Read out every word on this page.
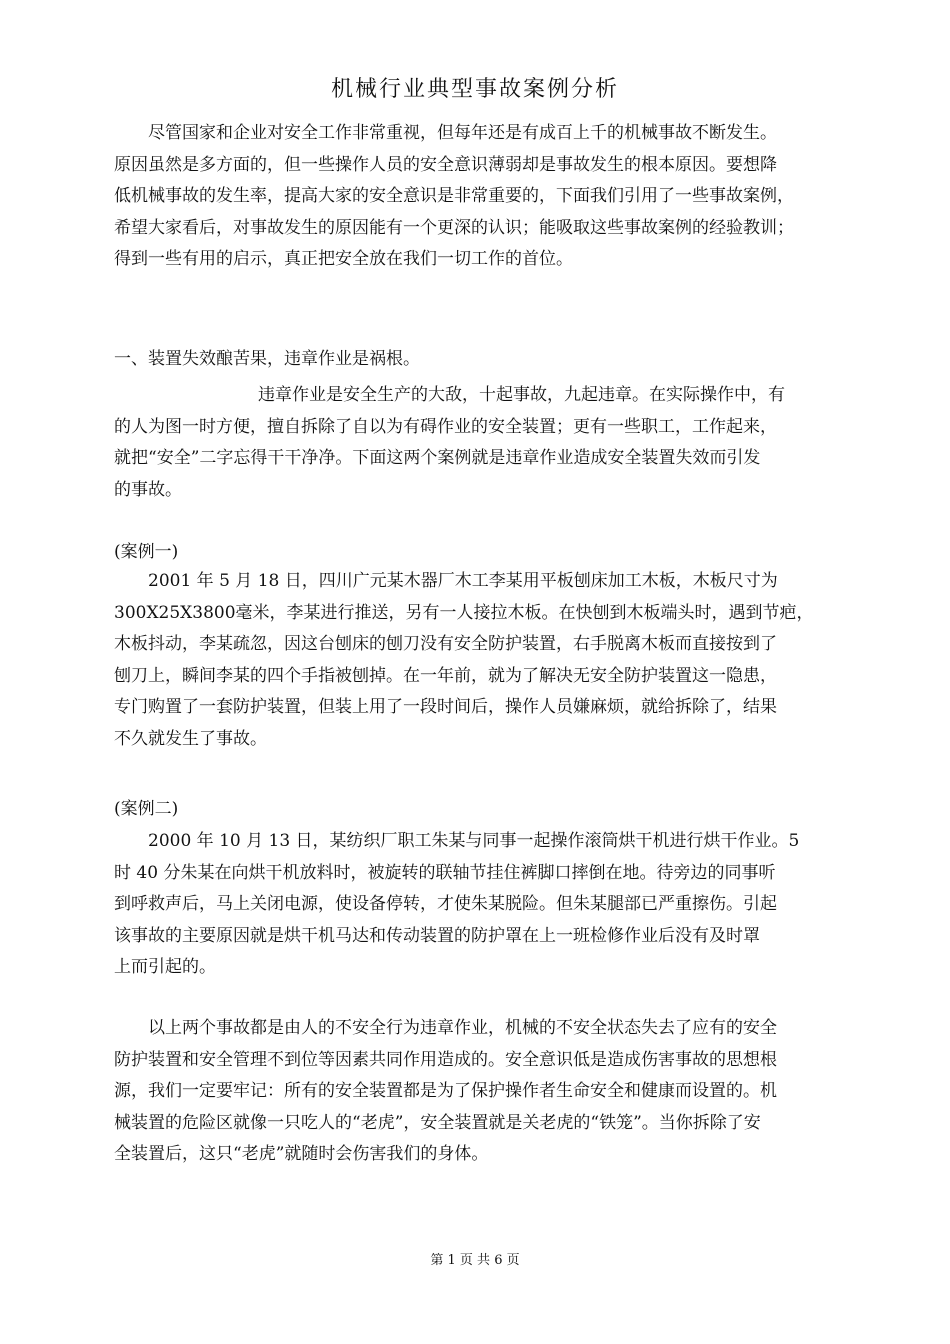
机械行业典型事故案例分析
尽管国家和企业对安全工作非常重视，但每年还是有成百上千的机械事故不断发生。
原因虽然是多方面的，但一些操作人员的安全意识薄弱却是事故发生的根本原因。要想降
低机械事故的发生率，提高大家的安全意识是非常重要的，下面我们引用了一些事故案例，
希望大家看后，对事故发生的原因能有一个更深的认识；能吸取这些事故案例的经验教训；
得到一些有用的启示，真正把安全放在我们一切工作的首位。
一、装置失效酿苦果，违章作业是祸根。
违章作业是安全生产的大敌，十起事故，九起违章。在实际操作中，有
的人为图一时方便，擅自拆除了自以为有碍作业的安全装置；更有一些职工，工作起来，
就把“安全”二字忘得干干净净。下面这两个案例就是违章作业造成安全装置失效而引发
的事故。
(案例一)
2001 年 5 月 18 日，四川广元某木器厂木工李某用平板刨床加工木板，木板尺寸为
300X25X3800毫米，李某进行推送，另有一人接拉木板。在快刨到木板端头时，遇到节疤，
木板抖动，李某疏忽，因这台刨床的刨刀没有安全防护装置，右手脱离木板而直接按到了
刨刀上，瞬间李某的四个手指被刨掉。在一年前，就为了解决无安全防护装置这一隐患，
专门购置了一套防护装置，但装上用了一段时间后，操作人员嫌麻烦，就给拆除了，结果
不久就发生了事故。
(案例二)
2000 年 10 月 13 日，某纺织厂职工朱某与同事一起操作滚筒烘干机进行烘干作业。5
时 40 分朱某在向烘干机放料时，被旋转的联轴节挂住裤脚口摔倒在地。待旁边的同事听
到呼救声后，马上关闭电源，使设备停转，才使朱某脱险。但朱某腿部已严重擦伤。引起
该事故的主要原因就是烘干机马达和传动装置的防护罩在上一班检修作业后没有及时罩
上而引起的。
以上两个事故都是由人的不安全行为违章作业，机械的不安全状态失去了应有的安全
防护装置和安全管理不到位等因素共同作用造成的。安全意识低是造成伤害事故的思想根
源，我们一定要牢记：所有的安全装置都是为了保护操作者生命安全和健康而设置的。机
械装置的危险区就像一只吃人的“老虎”，安全装置就是关老虎的“铁笼”。当你拆除了安
全装置后，这只“老虎”就随时会伤害我们的身体。
第 1 页 共 6 页
